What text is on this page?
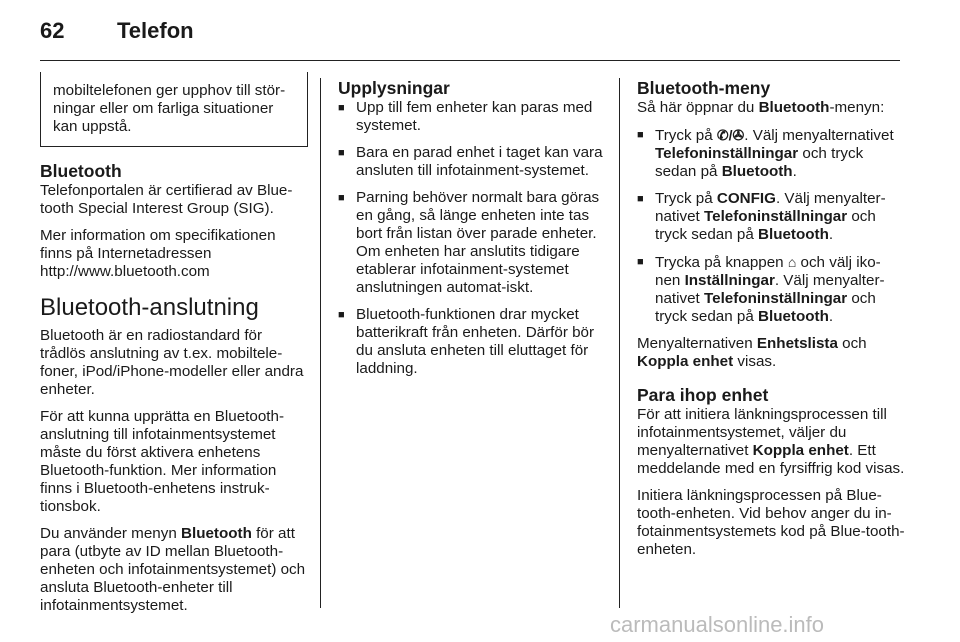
62 Telefon
mobiltelefonen ger upphov till stör-ningar eller om farliga situationer kan uppstå.
Bluetooth

Telefonportalen är certifierad av Blue-tooth Special Interest Group (SIG).

Mer information om specifikationen finns på Internetadressen http://www.bluetooth.com

Bluetooth-anslutning

Bluetooth är en radiostandard för trådlös anslutning av t.ex. mobiltele-foner, iPod/iPhone-modeller eller andra enheter.

För att kunna upprätta en Bluetooth-anslutning till infotainmentsystemet måste du först aktivera enhetens Bluetooth-funktion. Mer information finns i Bluetooth-enhetens instruk-tionsbok.

Du använder menyn Bluetooth för att para (utbyte av ID mellan Bluetooth-enheten och infotainmentsystemet) och ansluta Bluetooth-enheter till infotainmentsystemet.

Upplysningar
■ Upp till fem enheter kan paras med systemet.
■ Bara en parad enhet i taget kan vara ansluten till infotainment-systemet.
■ Parning behöver normalt bara göras en gång, så länge enheten inte tas bort från listan över parade enheter. Om enheten har anslutits tidigare etablerar infotainment-systemet anslutningen automat-iskt.
■ Bluetooth-funktionen drar mycket batterikraft från enheten. Därför bör du ansluta enheten till eluttaget för laddning.
Bluetooth-meny

Så här öppnar du Bluetooth-menyn:

■ Tryck på ✆/✇. Välj menyalternativet Telefoninställningar och tryck sedan på Bluetooth.
■ Tryck på CONFIG. Välj menyalter-nativet Telefoninställningar och tryck sedan på Bluetooth.
■ Trycka på knappen ⌂ och välj iko-nen Inställningar. Välj menyalter-nativet Telefoninställningar och tryck sedan på Bluetooth.

Menyalternativen Enhetslista och Koppla enhet visas.

Para ihop enhet

För att initiera länkningsprocessen till infotainmentsystemet, väljer du menyalternativet Koppla enhet. Ett meddelande med en fyrsiffrig kod visas.

Initiera länkningsprocessen på Blue-tooth-enheten. Vid behov anger du in-fotainmentsystemets kod på Blue-tooth-enheten.

carmanualsonline.info
